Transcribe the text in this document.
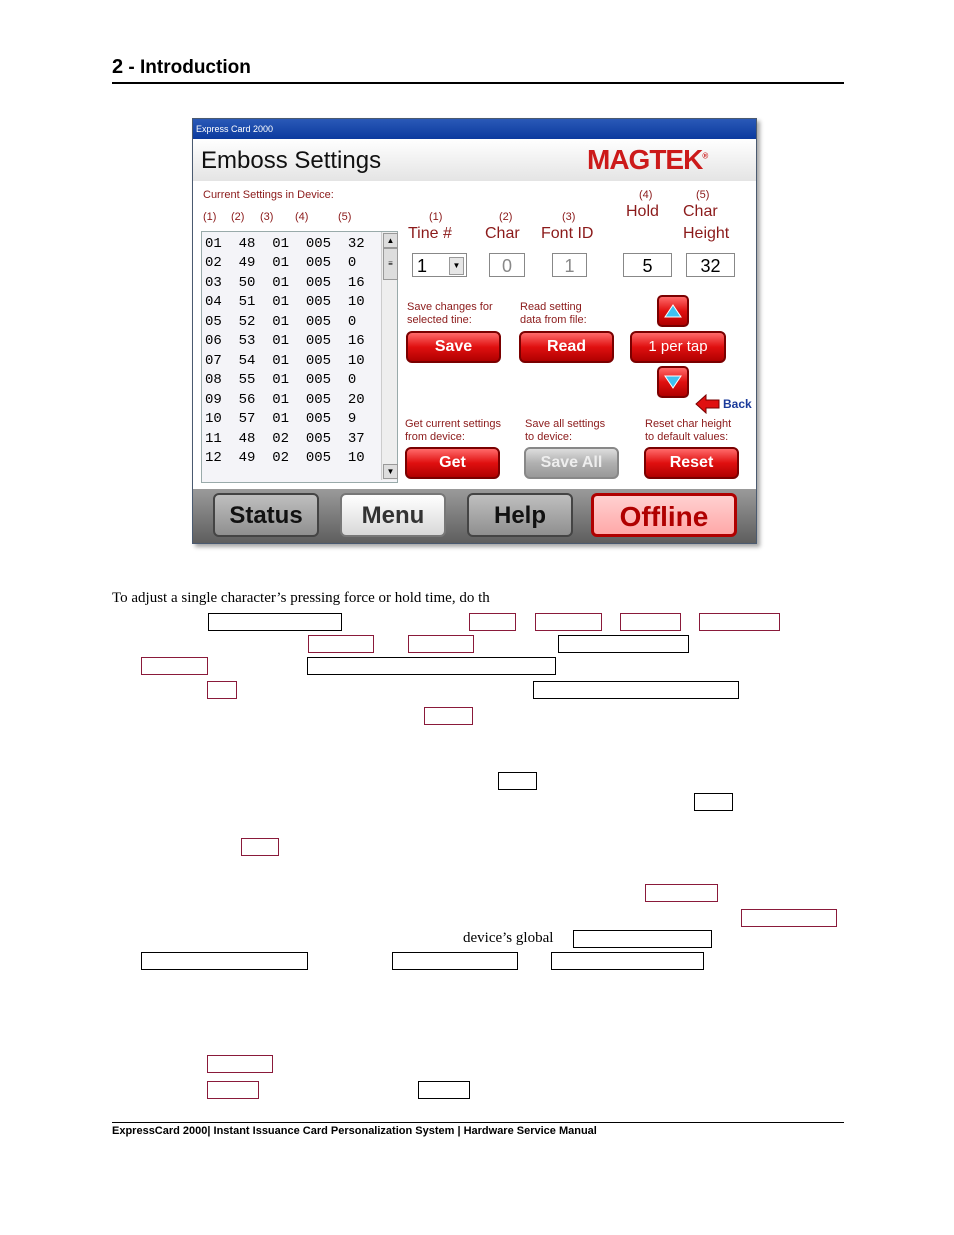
2 - Introduction
Express Card 2000
Emboss Settings	MAGTEK®
Current Settings in Device:
(1) (2) (3) (4)	(5)
01  48  01  005  32
02  49  01  005  0
03  50  01  005  16
04  51  01  005  10
05  52  01  005  0
06  53  01  005  16
07  54  01  005  10
08  55  01  005  0
09  56  01  005  20
10  57  01  005  9
11  48  02  005  37
12  49  02  005  10
▲
≡
▼
(1)
Tine #
(2)
Char
(3)
Font ID
(4)
Hold
(5)
Char
Height
1	▼	0	1	5	32
Save changes for
selected tine:
Save
Read setting
data from file:
Read	1 per tap
Back
Get current settings
from device:
Get
Save all settings
to device:
Save All
Reset char height
to default values:
Reset
Status	Menu	Help	Offline
To adjust a single character’s pressing force or hold time, do th
device’s global
ExpressCard 2000| Instant Issuance Card Personalization System | Hardware Service Manual
